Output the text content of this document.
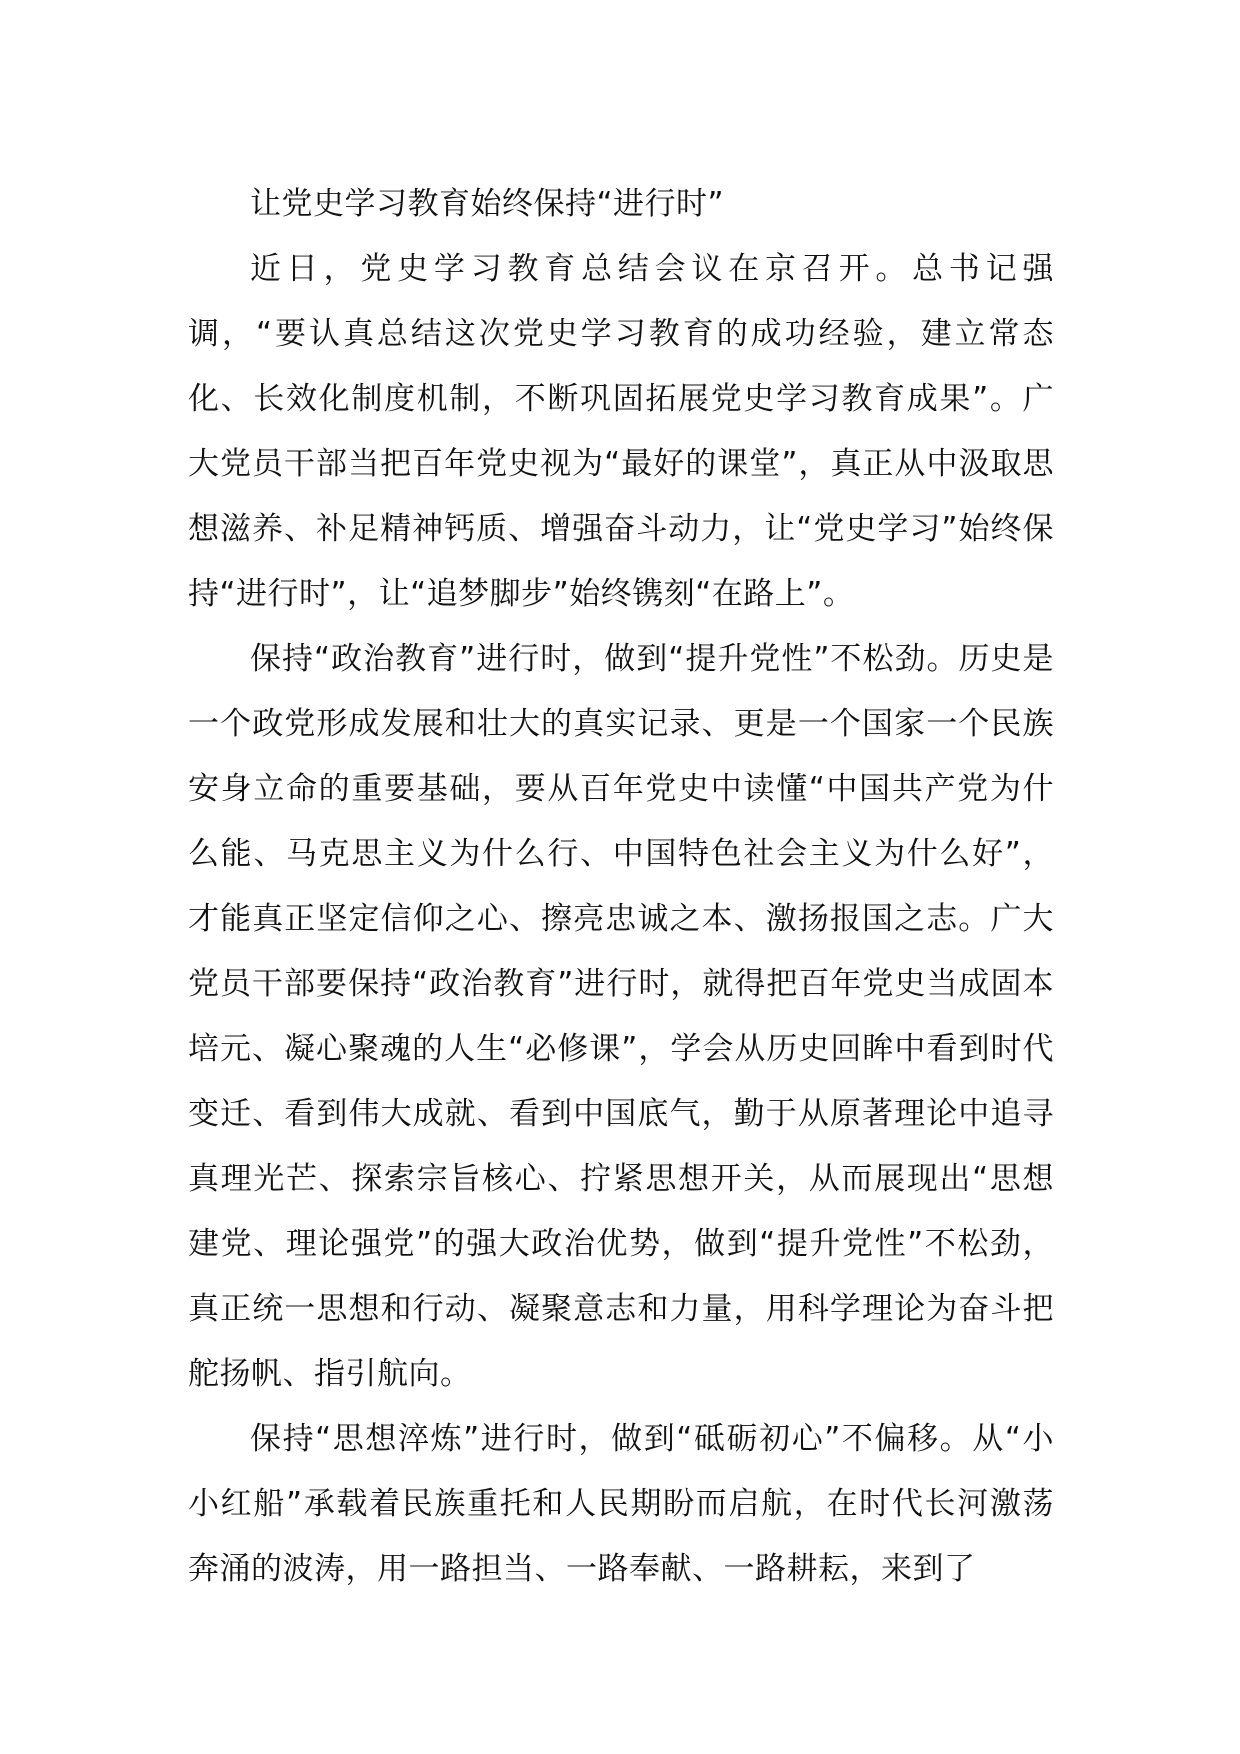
让党史学习教育始终保持“进行时”

近日，党史学习教育总结会议在京召开。总书记强调，“要认真总结这次党史学习教育的成功经验，建立常态化、长效化制度机制，不断巩固拓展党史学习教育成果”。广大党员干部当把百年党史视为“最好的课堂”，真正从中汲取思想滋养、补足精神钙质、增强奋斗动力，让“党史学习”始终保持“进行时”，让“追梦脚步”始终镌刻“在路上”。

保持“政治教育”进行时，做到“提升党性”不松劲。历史是一个政党形成发展和壮大的真实记录、更是一个国家一个民族安身立命的重要基础，要从百年党史中读懂“中国共产党为什么能、马克思主义为什么行、中国特色社会主义为什么好”，才能真正坚定信仰之心、擦亮忠诚之本、激扬报国之志。广大党员干部要保持“政治教育”进行时，就得把百年党史当成固本培元、凝心聚魂的人生“必修课”，学会从历史回眸中看到时代变迁、看到伟大成就、看到中国底气，勤于从原著理论中追寻真理光芒、探索宗旨核心、拧紧思想开关，从而展现出“思想建党、理论强党”的强大政治优势，做到“提升党性”不松劲，真正统一思想和行动、凝聚意志和力量，用科学理论为奋斗把舵扬帆、指引航向。

保持“思想淬炼”进行时，做到“砥砺初心”不偏移。从“小小红船”承载着民族重托和人民期盼而启航，在时代长河激荡奔涌的波涛，用一路担当、一路奉献、一路耕耘，来到了
